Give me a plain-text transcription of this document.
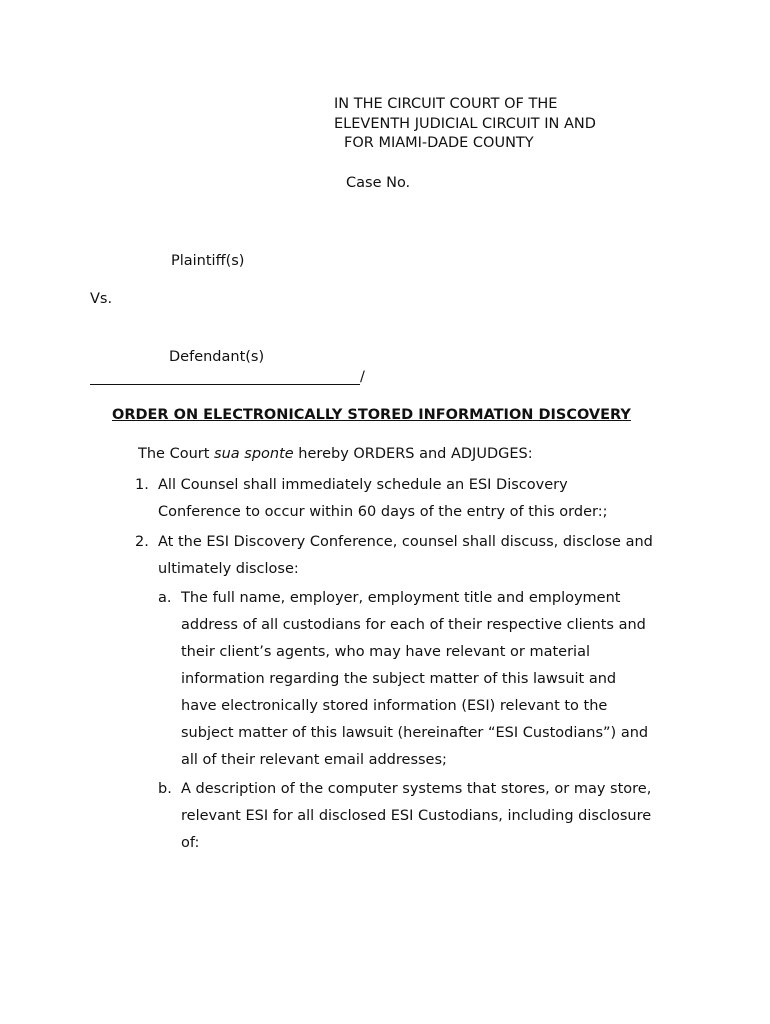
IN THE CIRCUIT COURT OF THE
ELEVENTH JUDICIAL CIRCUIT IN AND
FOR MIAMI-DADE COUNTY
Case No.
Plaintiff(s)
Vs.
Defendant(s)
/
ORDER ON ELECTRONICALLY STORED INFORMATION DISCOVERY
The Court sua sponte hereby ORDERS and ADJUDGES:
1. All Counsel shall immediately schedule an ESI Discovery
Conference to occur within 60 days of the entry of this order:;
2. At the ESI Discovery Conference, counsel shall discuss, disclose and
ultimately disclose:
a. The full name, employer, employment title and employment
address of all custodians for each of their respective clients and
their client’s agents, who may have relevant or material
information regarding the subject matter of this lawsuit and
have electronically stored information (ESI) relevant to the
subject matter of this lawsuit (hereinafter “ESI Custodians”) and
all of their relevant email addresses;
b. A description of the computer systems that stores, or may store,
relevant ESI for all disclosed ESI Custodians, including disclosure
of:
